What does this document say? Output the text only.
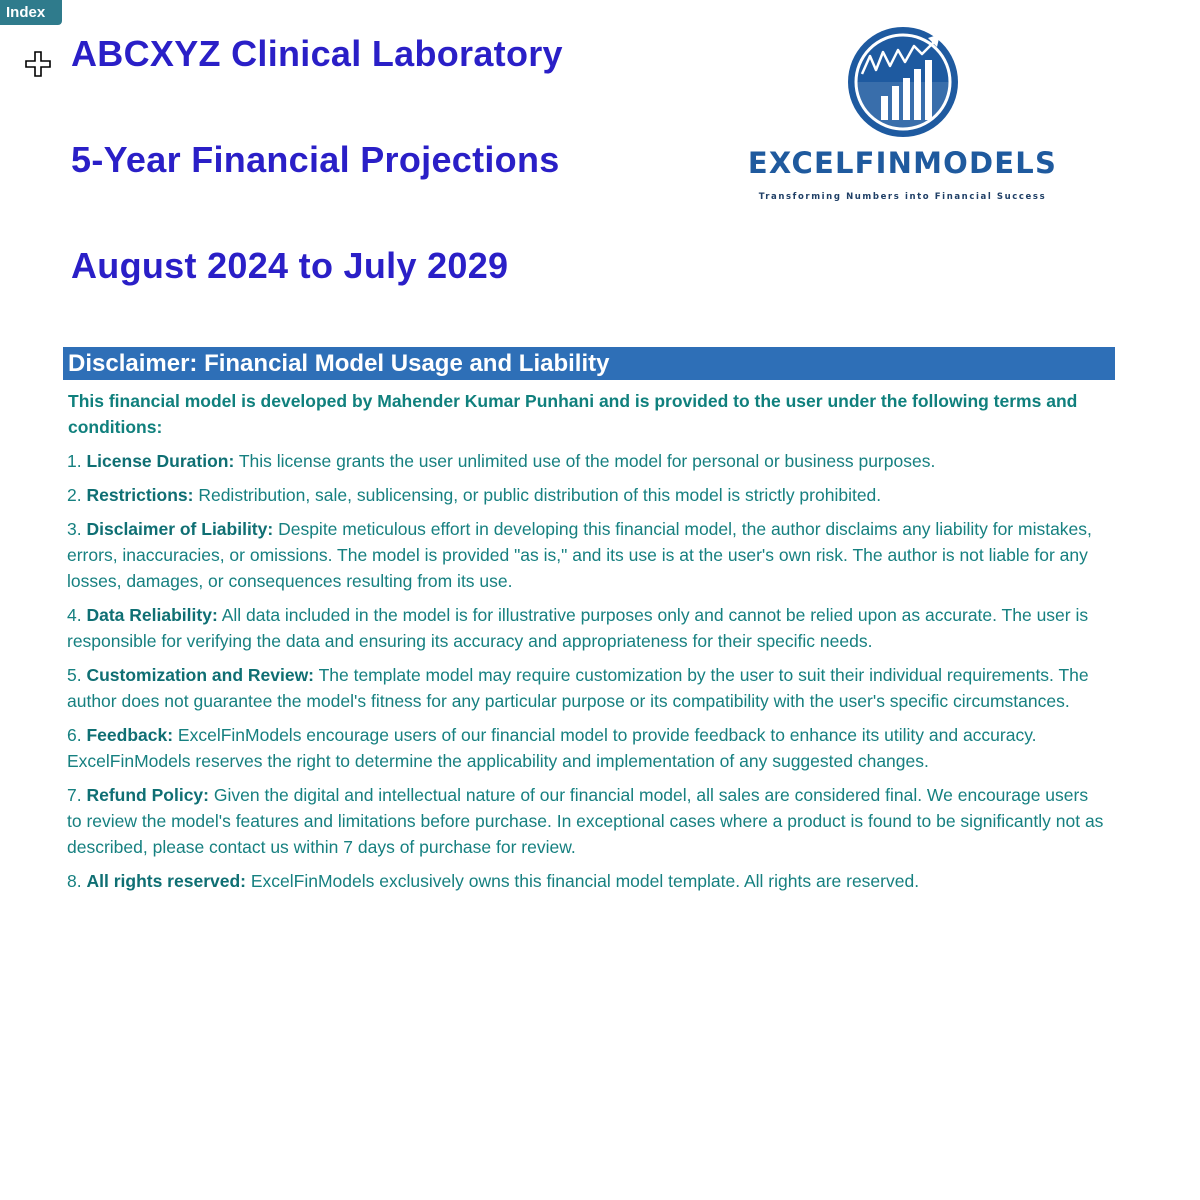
Index
ABCXYZ Clinical Laboratory
5-Year Financial Projections
August 2024 to July 2029
EXCELFINMODELS
Transforming Numbers into Financial Success
Disclaimer: Financial Model Usage and Liability

This financial model is developed by Mahender Kumar Punhani and is provided to the user under the following terms and conditions:

1. License Duration: This license grants the user unlimited use of the model for personal or business purposes.
2. Restrictions: Redistribution, sale, sublicensing, or public distribution of this model is strictly prohibited.
3. Disclaimer of Liability: Despite meticulous effort in developing this financial model, the author disclaims any liability for mistakes, errors, inaccuracies, or omissions. The model is provided "as is," and its use is at the user's own risk. The author is not liable for any losses, damages, or consequences resulting from its use.
4. Data Reliability: All data included in the model is for illustrative purposes only and cannot be relied upon as accurate. The user is responsible for verifying the data and ensuring its accuracy and appropriateness for their specific needs.
5. Customization and Review: The template model may require customization by the user to suit their individual requirements. The author does not guarantee the model's fitness for any particular purpose or its compatibility with the user's specific circumstances.
6. Feedback: ExcelFinModels encourage users of our financial model to provide feedback to enhance its utility and accuracy. ExcelFinModels reserves the right to determine the applicability and implementation of any suggested changes.
7. Refund Policy: Given the digital and intellectual nature of our financial model, all sales are considered final. We encourage users to review the model's features and limitations before purchase. In exceptional cases where a product is found to be significantly not as described, please contact us within 7 days of purchase for review.
8. All rights reserved: ExcelFinModels exclusively owns this financial model template. All rights are reserved.
